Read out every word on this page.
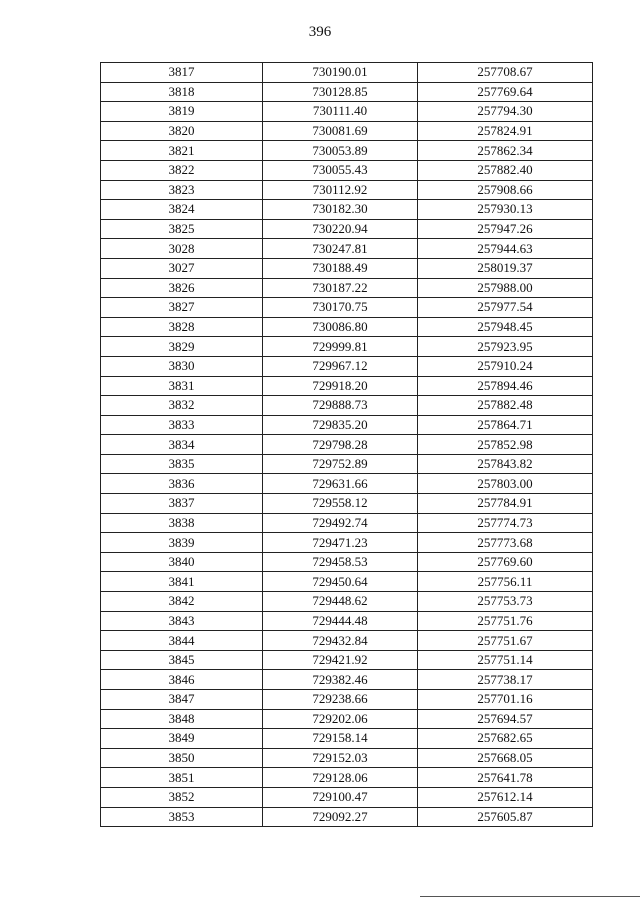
396
3817	730190.01	257708.67
3818	730128.85	257769.64
3819	730111.40	257794.30
3820	730081.69	257824.91
3821	730053.89	257862.34
3822	730055.43	257882.40
3823	730112.92	257908.66
3824	730182.30	257930.13
3825	730220.94	257947.26
3028	730247.81	257944.63
3027	730188.49	258019.37
3826	730187.22	257988.00
3827	730170.75	257977.54
3828	730086.80	257948.45
3829	729999.81	257923.95
3830	729967.12	257910.24
3831	729918.20	257894.46
3832	729888.73	257882.48
3833	729835.20	257864.71
3834	729798.28	257852.98
3835	729752.89	257843.82
3836	729631.66	257803.00
3837	729558.12	257784.91
3838	729492.74	257774.73
3839	729471.23	257773.68
3840	729458.53	257769.60
3841	729450.64	257756.11
3842	729448.62	257753.73
3843	729444.48	257751.76
3844	729432.84	257751.67
3845	729421.92	257751.14
3846	729382.46	257738.17
3847	729238.66	257701.16
3848	729202.06	257694.57
3849	729158.14	257682.65
3850	729152.03	257668.05
3851	729128.06	257641.78
3852	729100.47	257612.14
3853	729092.27	257605.87
